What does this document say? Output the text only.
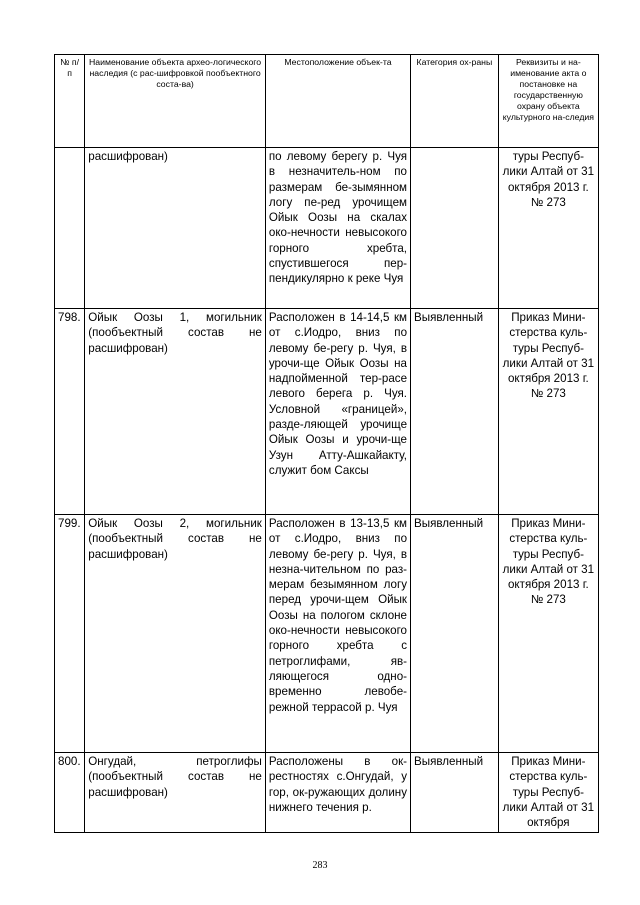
№ п/п	Наименование объекта архео-логического наследия (с рас-шифровкой пообъектного соста-ва)	Местоположение объек-та	Категория ох-раны	Реквизиты и на-именование акта о постановке на государственную охрану объекта культурного на-следия
	расшифрован)	по левому берегу р. Чуя в незначитель-ном по размерам бе-зымянном логу пе-ред урочищем Ойык Оозы на скалах око-нечности невысокого горного хребта, спустившегося пер-пендикулярно к реке Чуя		туры Респуб-лики Алтай от 31 октября 2013 г. № 273
798.	Ойык Оозы 1, могильник (пообъектный состав не расшифрован)	Расположен в 14-14,5 км от с.Иодро, вниз по левому бе-регу р. Чуя, в урочи-щe Ойык Оозы на надпойменной тер-расе левого берега р. Чуя. Условной «границей», разде-ляющей урочище Ойык Оозы и урочи-ще Узун Атту-Ашкайакту, служит бом Саксы	Выявленный	Приказ Мини-стерства куль-туры Респуб-лики Алтай от 31 октября 2013 г. № 273
799.	Ойык Оозы 2, могильник (пообъектный состав не расшифрован)	Расположен в 13-13,5 км от с.Иодро, вниз по левому бе-регу р. Чуя, в незна-чительном по раз-мерам безымянном логу перед урочи-щем Ойык Оозы на пологом склоне око-нечности невысокого горного хребта с петроглифами, яв-ляющегося одно-временно левобе-режной террасой р. Чуя	Выявленный	Приказ Мини-стерства куль-туры Респуб-лики Алтай от 31 октября 2013 г. № 273
800.	Онгудай, петроглифы (пообъектный состав не расшифрован)	Расположены в ок-рестностях с.Онгудай, у гор, ок-ружающих долину нижнего течения р.	Выявленный	Приказ Мини-стерства куль-туры Респуб-лики Алтай от 31 октября
283
